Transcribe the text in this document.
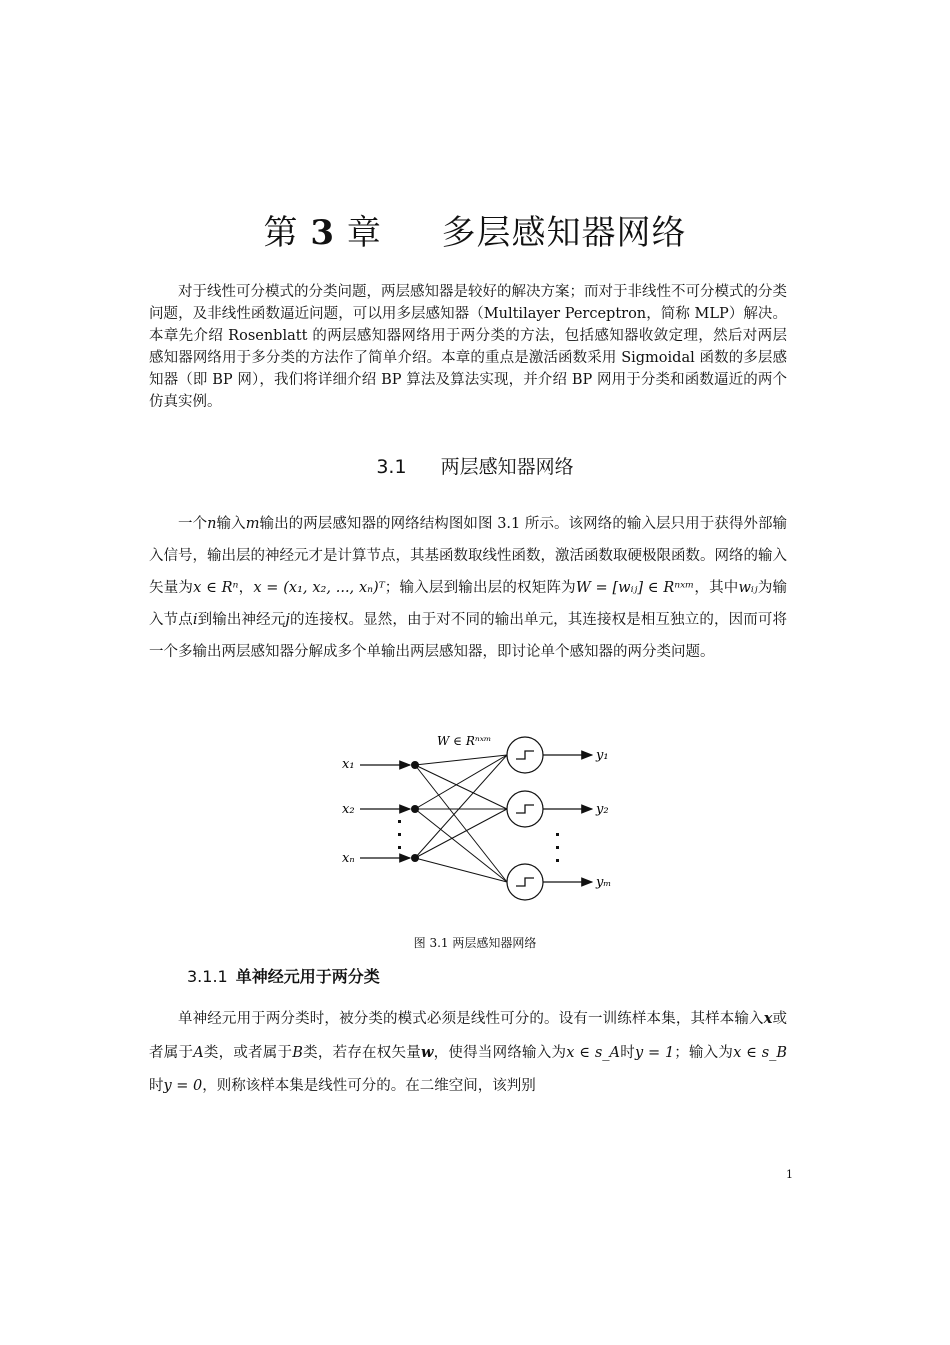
第 3 章 多层感知器网络

对于线性可分模式的分类问题，两层感知器是较好的解决方案；而对于非线性不可分模式的分类问题，及非线性函数逼近问题，可以用多层感知器（Multilayer Perceptron，简称 MLP）解决。本章先介绍 Rosenblatt 的两层感知器网络用于两分类的方法，包括感知器收敛定理，然后对两层感知器网络用于多分类的方法作了简单介绍。本章的重点是激活函数采用 Sigmoidal 函数的多层感知器（即 BP 网），我们将详细介绍 BP 算法及算法实现，并介绍 BP 网用于分类和函数逼近的两个仿真实例。

3.1 两层感知器网络

一个n输入m输出的两层感知器的网络结构图如图 3.1 所示。该网络的输入层只用于获得外部输入信号，输出层的神经元才是计算节点，其基函数取线性函数，激活函数取硬极限函数。网络的输入矢量为x ∈ Rⁿ，x = (x₁, x₂, ..., xₙ)ᵀ；输入层到输出层的权矩阵为W = [wᵢⱼ] ∈ Rⁿˣᵐ，其中wᵢⱼ为输入节点i到输出神经元j的连接权。显然，由于对不同的输出单元，其连接权是相互独立的，因而可将一个多输出两层感知器分解成多个单输出两层感知器，即讨论单个感知器的两分类问题。

W ∈ Rⁿˣᵐ
x₁
x₂
xₙ
y₁
y₂
yₘ
图 3.1 两层感知器网络
3.1.1 单神经元用于两分类

单神经元用于两分类时，被分类的模式必须是线性可分的。设有一训练样本集，其样本输入x或者属于A类，或者属于B类，若存在权矢量w，使得当网络输入为x ∈ s_A时y = 1；输入为x ∈ s_B时y = 0，则称该样本集是线性可分的。在二维空间，该判别

1
